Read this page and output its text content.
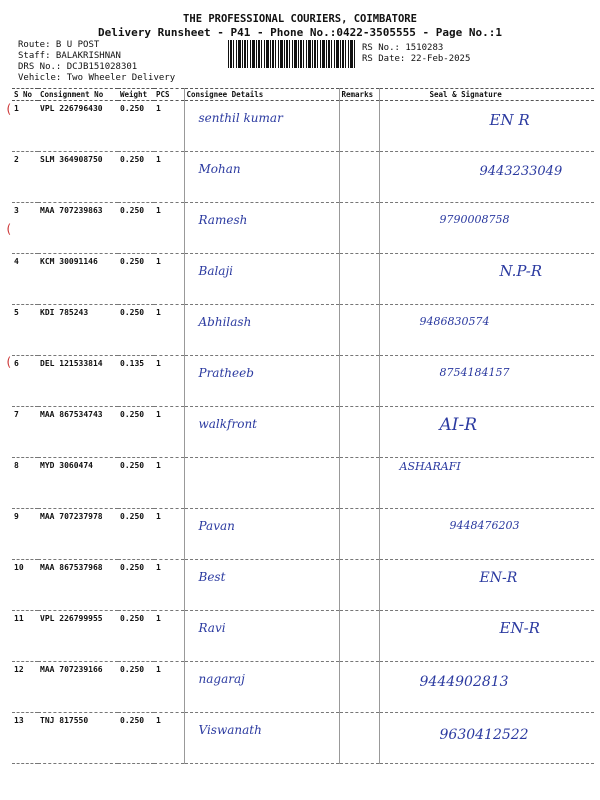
THE PROFESSIONAL COURIERS, COIMBATORE
Delivery Runsheet - P41 - Phone No.:0422-3505555 - Page No.:1
Route: B U POST
Staff: BALAKRISHNAN
DRS No.: DCJB151028301
Vehicle: Two Wheeler Delivery
RS No.: 1510283
RS Date: 22-Feb-2025
S No	Consignment No	Weight	PCS	Consignee Details	Remarks	Seal & Signature
1	VPL 226796430	0.250	1	senthil kumar		EN R

2	SLM 364908750	0.250	1	Mohan		9443233049

3	MAA 707239863	0.250	1	Ramesh		9790008758

4	KCM 30091146	0.250	1	Balaji		N.P-R

5	KDI 785243	0.250	1	Abhilash		9486830574

6	DEL 121533814	0.135	1	Pratheeb		8754184157

7	MAA 867534743	0.250	1	walkfront		AI-R

8	MYD 3060474	0.250	1			ASHARAFI

9	MAA 707237978	0.250	1	Pavan		9448476203

10	MAA 867537968	0.250	1	Best		EN-R

11	VPL 226799955	0.250	1	Ravi		EN-R

12	MAA 707239166	0.250	1	nagaraj		9444902813

13	TNJ 817550	0.250	1	Viswanath		9630412522
(
(
(
